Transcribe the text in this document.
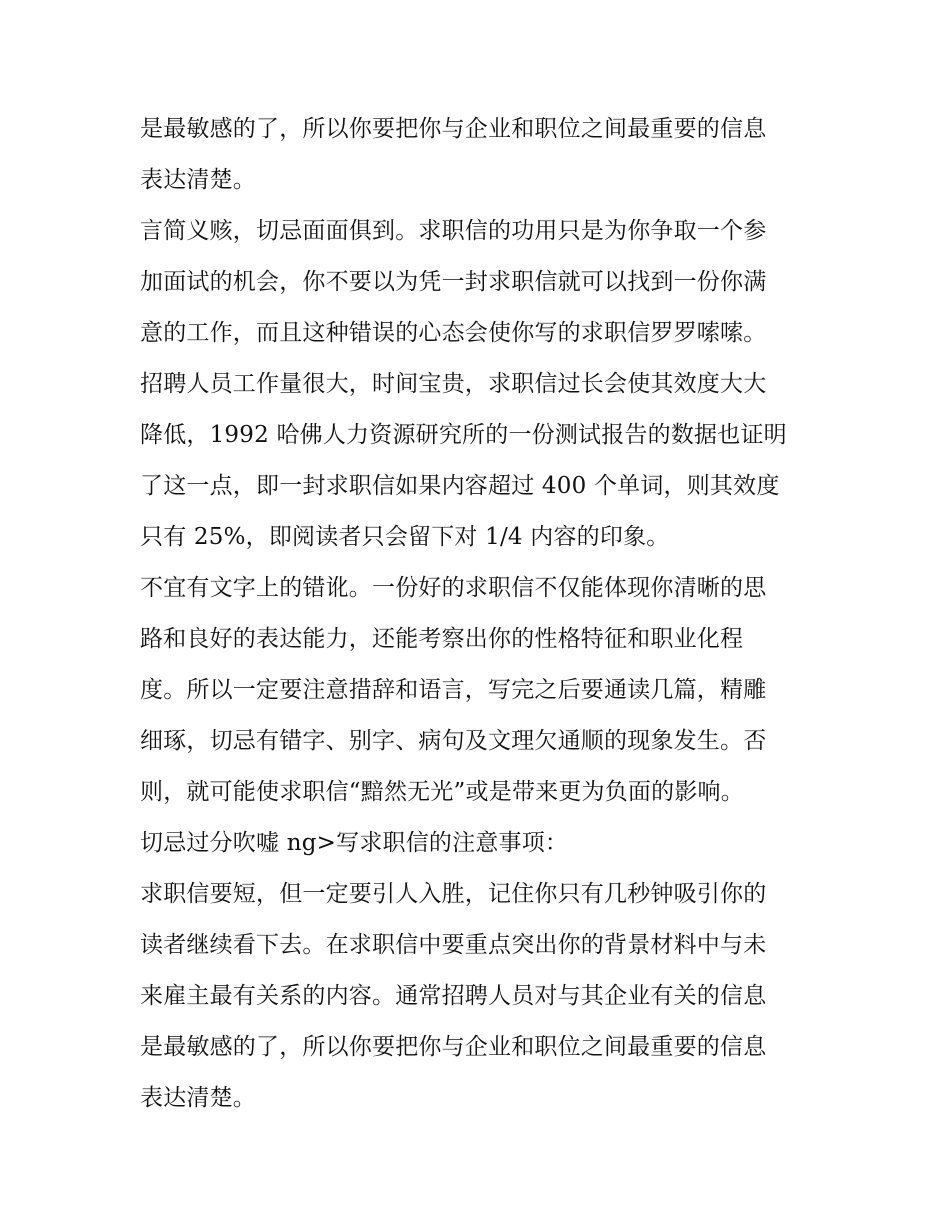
是最敏感的了，所以你要把你与企业和职位之间最重要的信息
表达清楚。
言简义赅，切忌面面俱到。求职信的功用只是为你争取一个参
加面试的机会，你不要以为凭一封求职信就可以找到一份你满
意的工作，而且这种错误的心态会使你写的求职信罗罗嗦嗦。
招聘人员工作量很大，时间宝贵，求职信过长会使其效度大大
降低，1992 哈佛人力资源研究所的一份测试报告的数据也证明
了这一点，即一封求职信如果内容超过 400 个单词，则其效度
只有 25%，即阅读者只会留下对 1/4 内容的印象。
不宜有文字上的错讹。一份好的求职信不仅能体现你清晰的思
路和良好的表达能力，还能考察出你的性格特征和职业化程
度。所以一定要注意措辞和语言，写完之后要通读几篇，精雕
细琢，切忌有错字、别字、病句及文理欠通顺的现象发生。否
则，就可能使求职信“黯然无光”或是带来更为负面的影响。
切忌过分吹嘘 ng>写求职信的注意事项：
求职信要短，但一定要引人入胜，记住你只有几秒钟吸引你的
读者继续看下去。在求职信中要重点突出你的背景材料中与未
来雇主最有关系的内容。通常招聘人员对与其企业有关的信息
是最敏感的了，所以你要把你与企业和职位之间最重要的信息
表达清楚。
